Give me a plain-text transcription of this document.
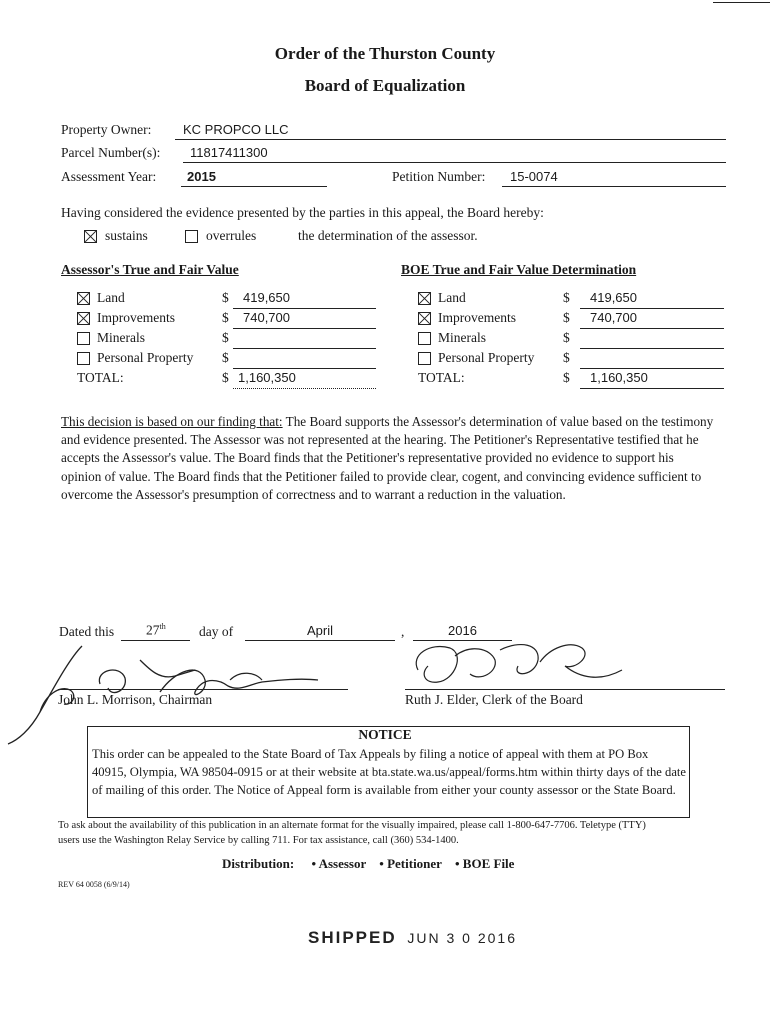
Order of the Thurston County
Board of Equalization
Property Owner: KC PROPCO LLC
Parcel Number(s): 11817411300
Assessment Year: 2015	Petition Number: 15-0074
Having considered the evidence presented by the parties in this appeal, the Board hereby:
sustains	overrules	the determination of the assessor.
Assessor's True and Fair Value
Land	$ 419,650
Improvements	$ 740,700
Minerals	$
Personal Property $
TOTAL:	$ 1,160,350
BOE True and Fair Value Determination
Land	$ 419,650
Improvements	$ 740,700
Minerals	$
Personal Property $
TOTAL:	$ 1,160,350
This decision is based on our finding that: The Board supports the Assessor's determination of value based on the testimony and evidence presented. The Assessor was not represented at the hearing. The Petitioner's Representative testified that he accepts the Assessor's value. The Board finds that the Petitioner's representative provided no evidence to support his opinion of value. The Board finds that the Petitioner failed to provide clear, cogent, and convincing evidence sufficient to overcome the Assessor's presumption of correctness and to warrant a reduction in the valuation.
Dated this 27th day of	April	,	2016
John L. Morrison, Chairman	Ruth J. Elder, Clerk of the Board
NOTICE
This order can be appealed to the State Board of Tax Appeals by filing a notice of appeal with them at PO Box 40915, Olympia, WA 98504-0915 or at their website at bta.state.wa.us/appeal/forms.htm within thirty days of the date of mailing of this order. The Notice of Appeal form is available from either your county assessor or the State Board.
To ask about the availability of this publication in an alternate format for the visually impaired, please call 1-800-647-7706. Teletype (TTY) users use the Washington Relay Service by calling 711. For tax assistance, call (360) 534-1400.
Distribution: • Assessor • Petitioner • BOE File
REV 64 0058 (6/9/14)
SHIPPED JUN 3 0 2016
